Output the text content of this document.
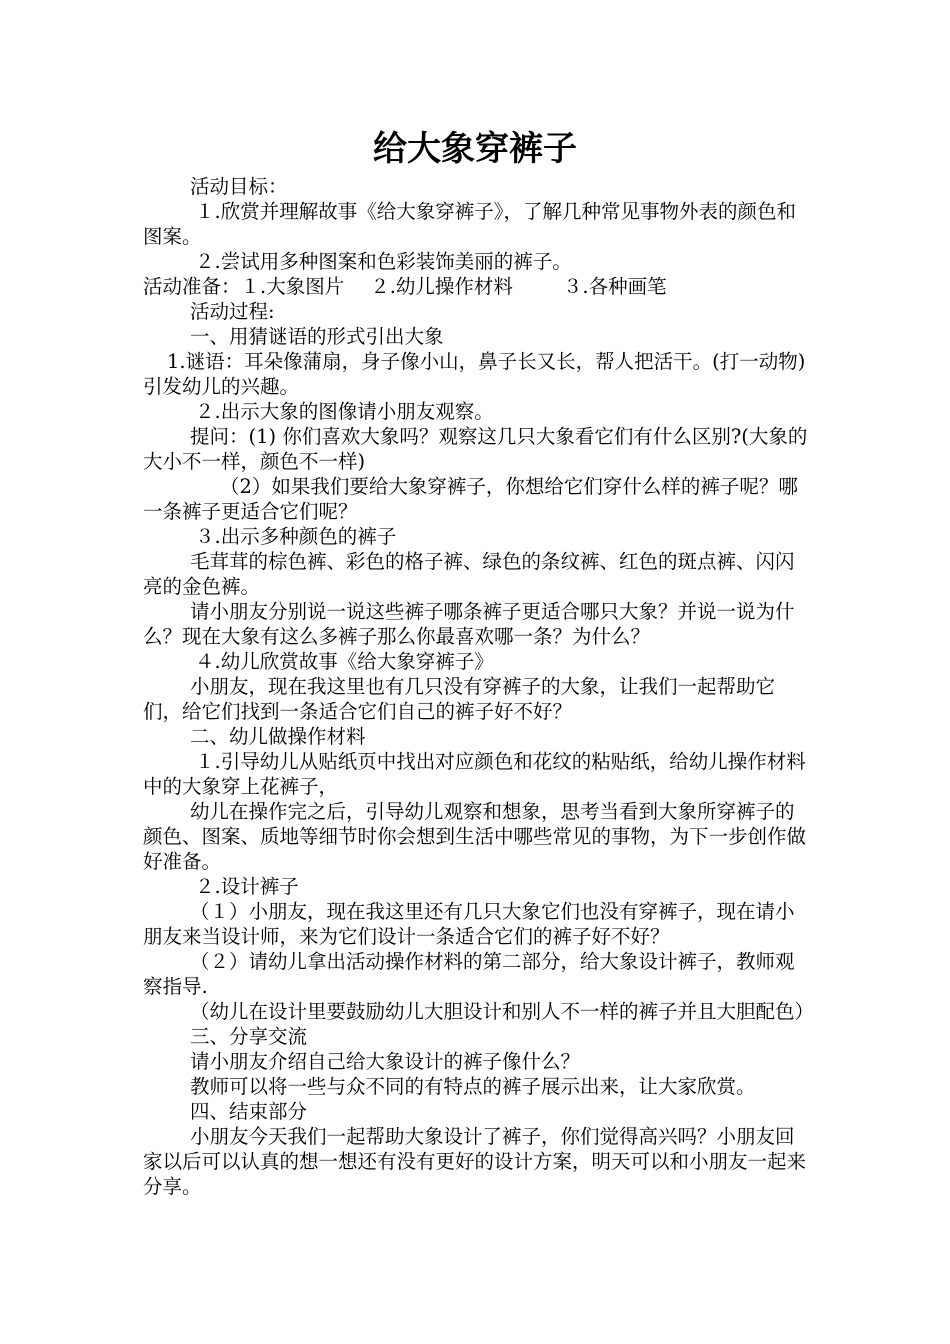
给大象穿裤子

活动目标：

１.欣赏并理解故事《给大象穿裤子》，了解几种常见事物外表的颜色和图案。

２.尝试用多种图案和色彩装饰美丽的裤子。

活动准备：１.大象图片 ２.幼儿操作材料	３.各种画笔

活动过程:

一、用猜谜语的形式引出大象

1.谜语：耳朵像蒲扇，身子像小山，鼻子长又长，帮人把活干。(打一动物)引发幼儿的兴趣。

２.出示大象的图像请小朋友观察。

提问：(1) 你们喜欢大象吗？观察这几只大象看它们有什么区别?(大象的大小不一样，颜色不一样)

（2）如果我们要给大象穿裤子，你想给它们穿什么样的裤子呢？哪一条裤子更适合它们呢？

３.出示多种颜色的裤子

毛茸茸的棕色裤、彩色的格子裤、绿色的条纹裤、红色的斑点裤、闪闪亮的金色裤。

请小朋友分别说一说这些裤子哪条裤子更适合哪只大象？并说一说为什么？现在大象有这么多裤子那么你最喜欢哪一条？为什么？

４.幼儿欣赏故事《给大象穿裤子》

小朋友，现在我这里也有几只没有穿裤子的大象，让我们一起帮助它们，给它们找到一条适合它们自己的裤子好不好？

二、幼儿做操作材料

１.引导幼儿从贴纸页中找出对应颜色和花纹的粘贴纸，给幼儿操作材料中的大象穿上花裤子，

幼儿在操作完之后，引导幼儿观察和想象，思考当看到大象所穿裤子的颜色、图案、质地等细节时你会想到生活中哪些常见的事物，为下一步创作做好准备。

２.设计裤子

（１）小朋友，现在我这里还有几只大象它们也没有穿裤子，现在请小朋友来当设计师，来为它们设计一条适合它们的裤子好不好？

（２）请幼儿拿出活动操作材料的第二部分，给大象设计裤子，教师观察指导.

（幼儿在设计里要鼓励幼儿大胆设计和别人不一样的裤子并且大胆配色）

三、分享交流

请小朋友介绍自己给大象设计的裤子像什么？

教师可以将一些与众不同的有特点的裤子展示出来，让大家欣赏。

四、结束部分

小朋友今天我们一起帮助大象设计了裤子，你们觉得高兴吗？小朋友回家以后可以认真的想一想还有没有更好的设计方案，明天可以和小朋友一起来分享。
